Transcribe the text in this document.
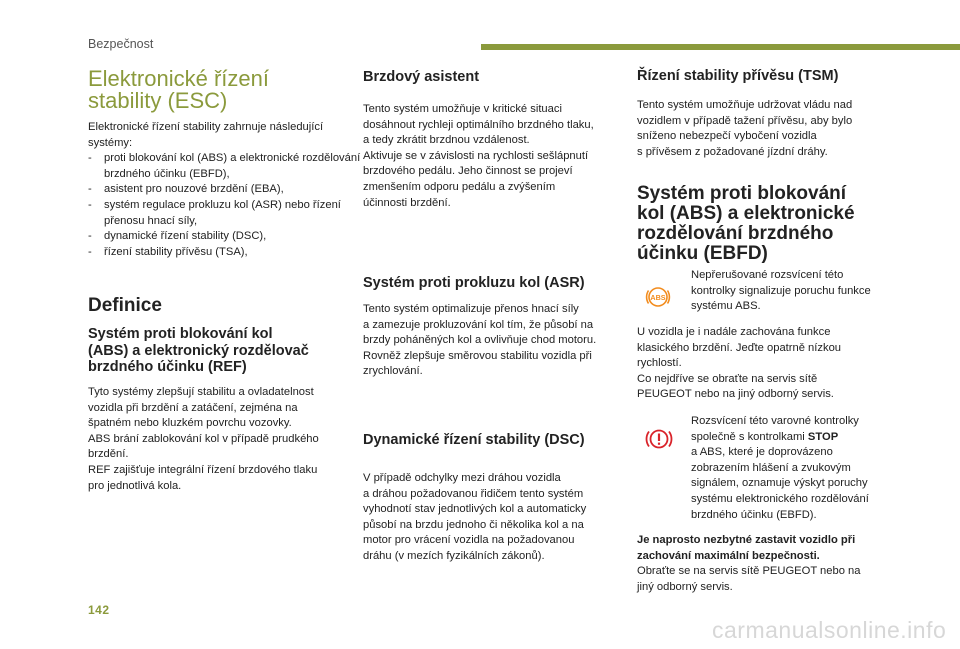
Bezpečnost
Elektronické řízení
stability (ESC)

Elektronické řízení stability zahrnuje následující systémy:

- proti blokování kol (ABS) a elektronické rozdělování brzdného účinku (EBFD),
- asistent pro nouzové brzdění (EBA),
- systém regulace prokluzu kol (ASR) nebo řízení přenosu hnací síly,
- dynamické řízení stability (DSC),
- řízení stability přívěsu (TSA),
Definice
Systém proti blokování kol
(ABS) a elektronický rozdělovač
brzdného účinku (REF)
Tyto systémy zlepšují stabilitu a ovladatelnost
vozidla při brzdění a zatáčení, zejména na
špatném nebo kluzkém povrchu vozovky.
ABS brání zablokování kol v případě prudkého
brzdění.
REF zajišťuje integrální řízení brzdového tlaku
pro jednotlivá kola.
Brzdový asistent
Tento systém umožňuje v kritické situaci
dosáhnout rychleji optimálního brzdného tlaku,
a tedy zkrátit brzdnou vzdálenost.
Aktivuje se v závislosti na rychlosti sešlápnutí
brzdového pedálu. Jeho činnost se projeví
zmenšením odporu pedálu a zvýšením
účinnosti brzdění.
Systém proti prokluzu kol (ASR)
Tento systém optimalizuje přenos hnací síly
a zamezuje prokluzování kol tím, že působí na
brzdy poháněných kol a ovlivňuje chod motoru.
Rovněž zlepšuje směrovou stabilitu vozidla při
zrychlování.
Dynamické řízení stability (DSC)
V případě odchylky mezi dráhou vozidla
a dráhou požadovanou řidičem tento systém
vyhodnotí stav jednotlivých kol a automaticky
působí na brzdu jednoho či několika kol a na
motor pro vrácení vozidla na požadovanou
dráhu (v mezích fyzikálních zákonů).
Řízení stability přívěsu (TSM)
Tento systém umožňuje udržovat vládu nad
vozidlem v případě tažení přívěsu, aby bylo
sníženo nebezpečí vybočení vozidla
s přívěsem z požadované jízdní dráhy.
Systém proti blokování
kol (ABS) a elektronické
rozdělování brzdného
účinku (EBFD)
ABS
Nepřerušované rozsvícení této
kontrolky signalizuje poruchu funkce
systému ABS.
U vozidla je i nadále zachována funkce
klasického brzdění. Jeďte opatrně nízkou
rychlostí.
Co nejdříve se obraťte na servis sítě
PEUGEOT nebo na jiný odborný servis.
Rozsvícení této varovné kontrolky
společně s kontrolkami STOP
a ABS, které je doprovázeno
zobrazením hlášení a zvukovým
signálem, oznamuje výskyt poruchy
systému elektronického rozdělování
brzdného účinku (EBFD).
Je naprosto nezbytné zastavit vozidlo při
zachování maximální bezpečnosti.
Obraťte se na servis sítě PEUGEOT nebo na
jiný odborný servis.
142
carmanualsonline.info
